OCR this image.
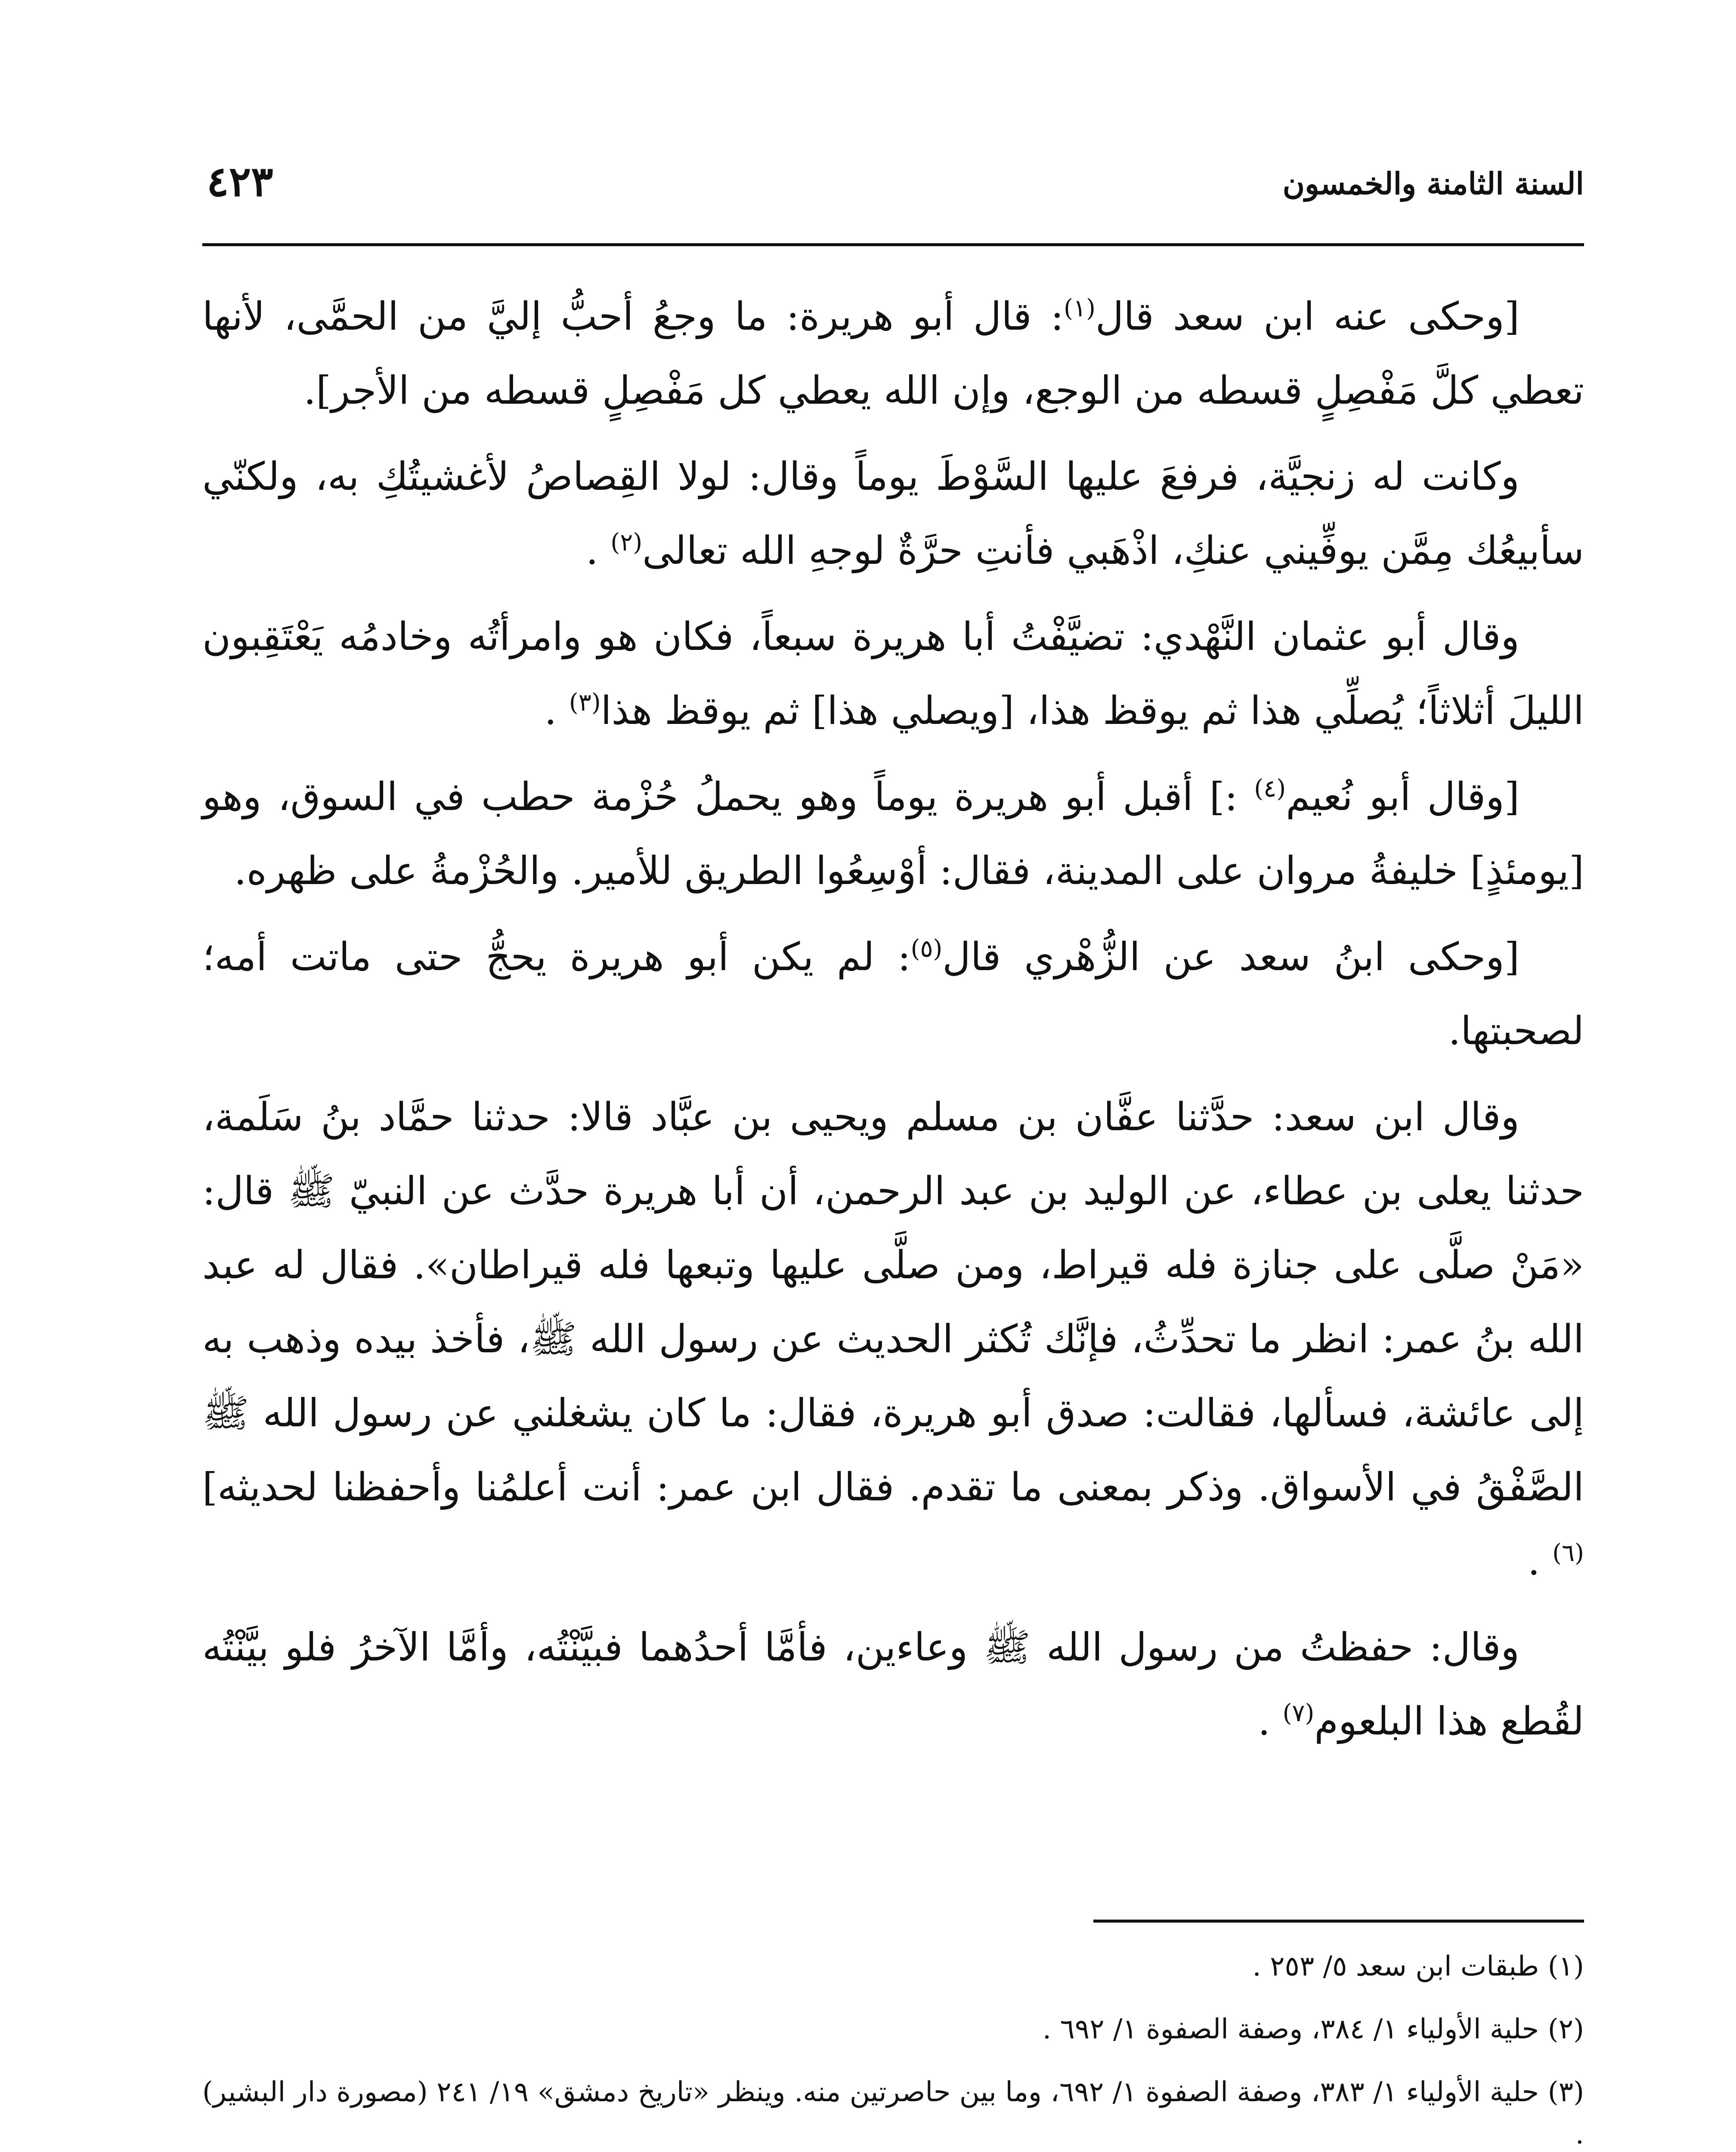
السنة الثامنة والخمسون
٤٢٣

[وحكى عنه ابن سعد قال$^{(١)}$: قال أبو هريرة: ما وجعُ أحبُّ إليَّ من الحمَّى، لأنها تعطي كلَّ مَفْصِلٍ قسطه من الوجع، وإن الله يعطي كل مَفْصِلٍ قسطه من الأجر].

وكانت له زنجيَّة، فرفعَ عليها السَّوْطَ يوماً وقال: لولا القِصاصُ لأغشيتُكِ به، ولكنّي سأبيعُك مِمَّن يوفِّيني عنكِ، اذْهَبي فأنتِ حرَّةٌ لوجهِ الله تعالى$^{(٢)}$ .

وقال أبو عثمان النَّهْدي: تضيَّفْتُ أبا هريرة سبعاً، فكان هو وامرأتُه وخادمُه يَعْتَقِبون الليلَ أثلاثاً؛ يُصلِّي هذا ثم يوقظ هذا، [ويصلي هذا] ثم يوقظ هذا$^{(٣)}$ .

[وقال أبو نُعيم$^{(٤)}$ :] أقبل أبو هريرة يوماً وهو يحملُ حُزْمة حطب في السوق، وهو [يومئذٍ] خليفةُ مروان على المدينة، فقال: أوْسِعُوا الطريق للأمير. والحُزْمةُ على ظهره.

[وحكى ابنُ سعد عن الزُّهْري قال$^{(٥)}$: لم يكن أبو هريرة يحجُّ حتى ماتت أمه؛ لصحبتها.

وقال ابن سعد: حدَّثنا عفَّان بن مسلم ويحيى بن عبَّاد قالا: حدثنا حمَّاد بنُ سَلَمة، حدثنا يعلى بن عطاء، عن الوليد بن عبد الرحمن، أن أبا هريرة حدَّث عن النبيّ ﷺ قال: «مَنْ صلَّى على جنازة فله قيراط، ومن صلَّى عليها وتبعها فله قيراطان». فقال له عبد الله بنُ عمر: انظر ما تحدِّثُ، فإنَّك تُكثر الحديث عن رسول الله ﷺ، فأخذ بيده وذهب به إلى عائشة، فسألها، فقالت: صدق أبو هريرة، فقال: ما كان يشغلني عن رسول الله ﷺ الصَّفْقُ في الأسواق. وذكر بمعنى ما تقدم. فقال ابن عمر: أنت أعلمُنا وأحفظنا لحديثه]$^{(٦)}$ .

وقال: حفظتُ من رسول الله ﷺ وعاءين، فأمَّا أحدُهما فبيَّنْتُه، وأمَّا الآخرُ فلو بيَّنْتُه لقُطع هذا البلعوم$^{(٧)}$ .

(١) طبقات ابن سعد ٥/ ٢٥٣ .

(٢) حلية الأولياء ١/ ٣٨٤، وصفة الصفوة ١/ ٦٩٢ .

(٣) حلية الأولياء ١/ ٣٨٣، وصفة الصفوة ١/ ٦٩٢، وما بين حاصرتين منه. وينظر «تاريخ دمشق» ١٩/ ٢٤١ (مصورة دار البشير) .
